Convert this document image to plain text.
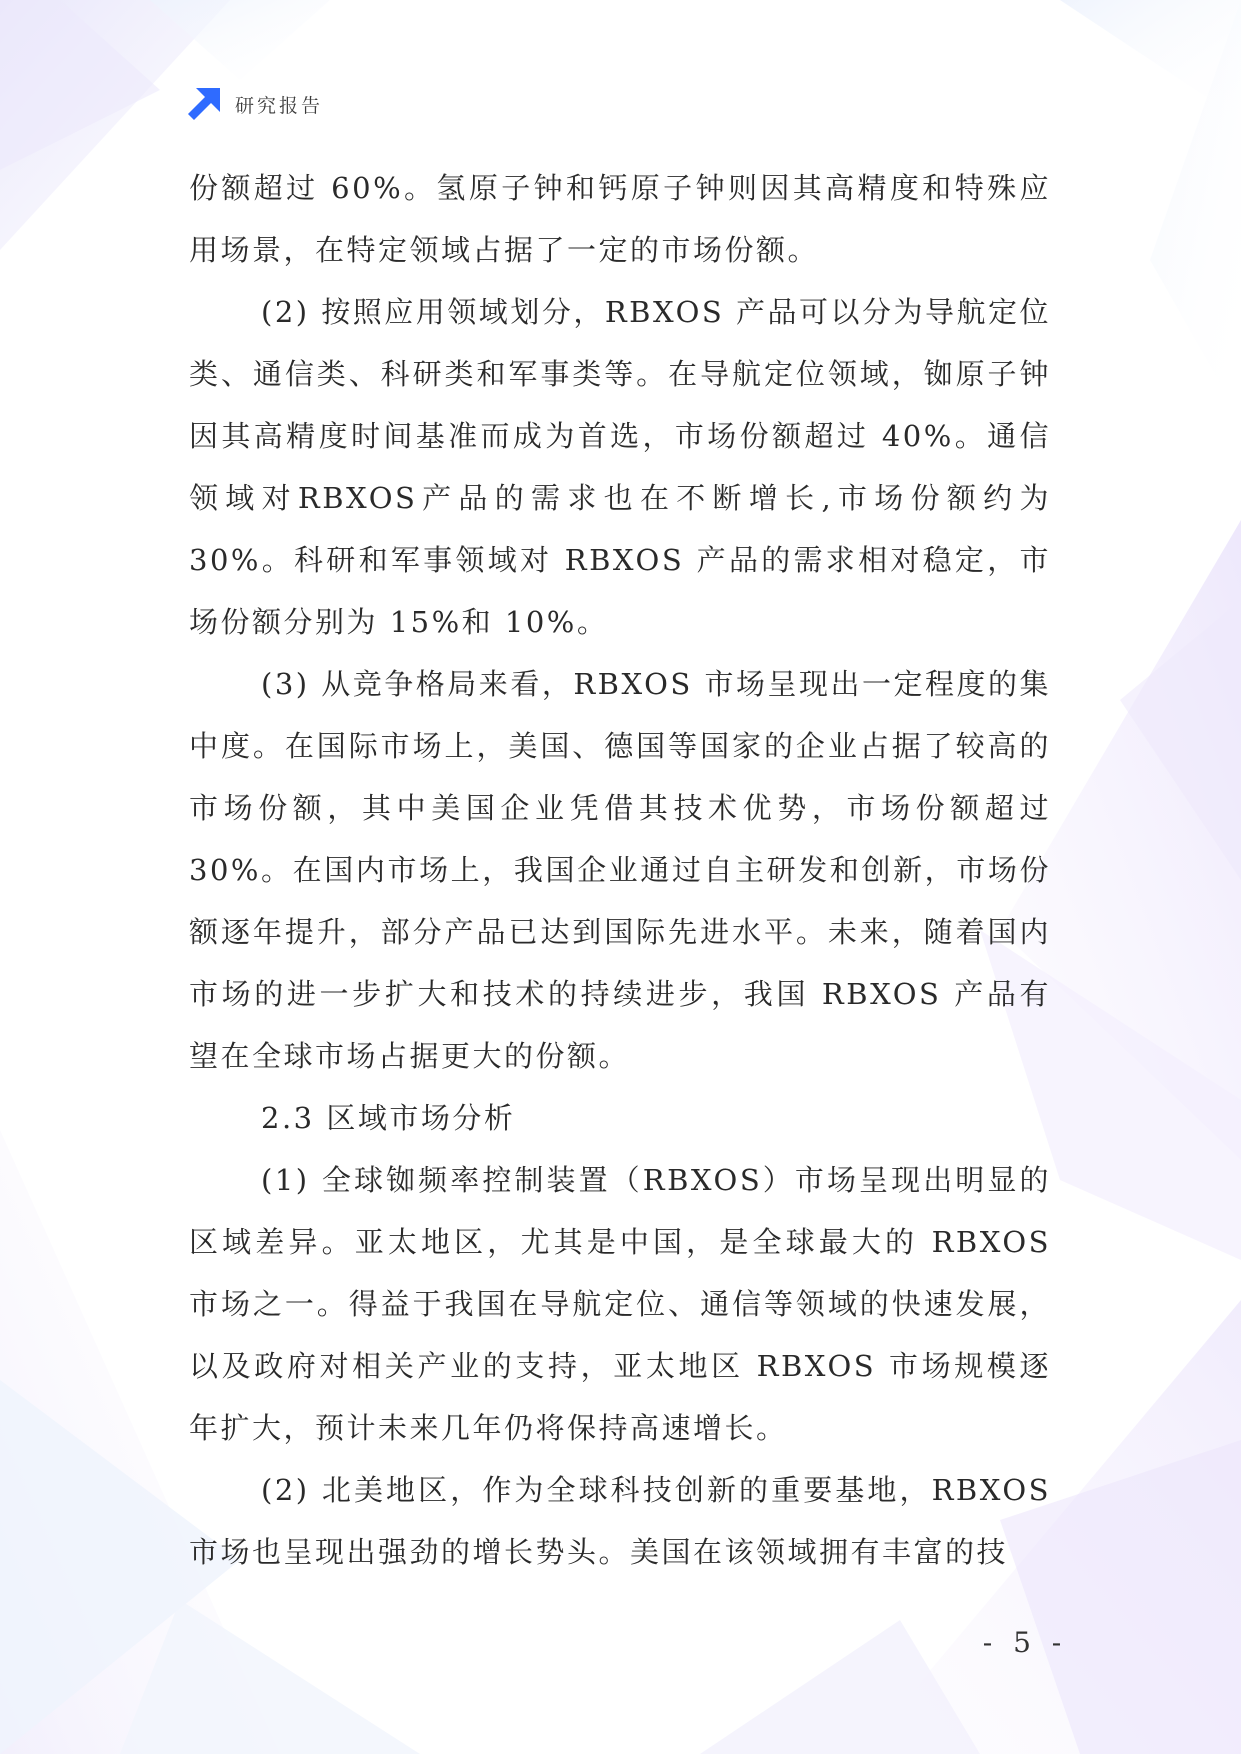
研究报告

份额超过 60%。氢原子钟和钙原子钟则因其高精度和特殊应用场景，在特定领域占据了一定的市场份额。

(2) 按照应用领域划分，RBXOS 产品可以分为导航定位类、通信类、科研类和军事类等。在导航定位领域，铷原子钟因其高精度时间基准而成为首选，市场份额超过 40%。通信领域对RBXOS产品的需求也在不断增长,市场份额约为30%。科研和军事领域对 RBXOS 产品的需求相对稳定，市场份额分别为 15%和 10%。

(3) 从竞争格局来看，RBXOS 市场呈现出一定程度的集中度。在国际市场上，美国、德国等国家的企业占据了较高的市场份额，其中美国企业凭借其技术优势，市场份额超过 30%。在国内市场上，我国企业通过自主研发和创新，市场份额逐年提升，部分产品已达到国际先进水平。未来，随着国内市场的进一步扩大和技术的持续进步，我国 RBXOS 产品有望在全球市场占据更大的份额。

2.3 区域市场分析

(1) 全球铷频率控制装置（RBXOS）市场呈现出明显的区域差异。亚太地区，尤其是中国，是全球最大的 RBXOS 市场之一。得益于我国在导航定位、通信等领域的快速发展，以及政府对相关产业的支持，亚太地区 RBXOS 市场规模逐年扩大，预计未来几年仍将保持高速增长。

(2) 北美地区，作为全球科技创新的重要基地，RBXOS 市场也呈现出强劲的增长势头。美国在该领域拥有丰富的技

- 5 -
